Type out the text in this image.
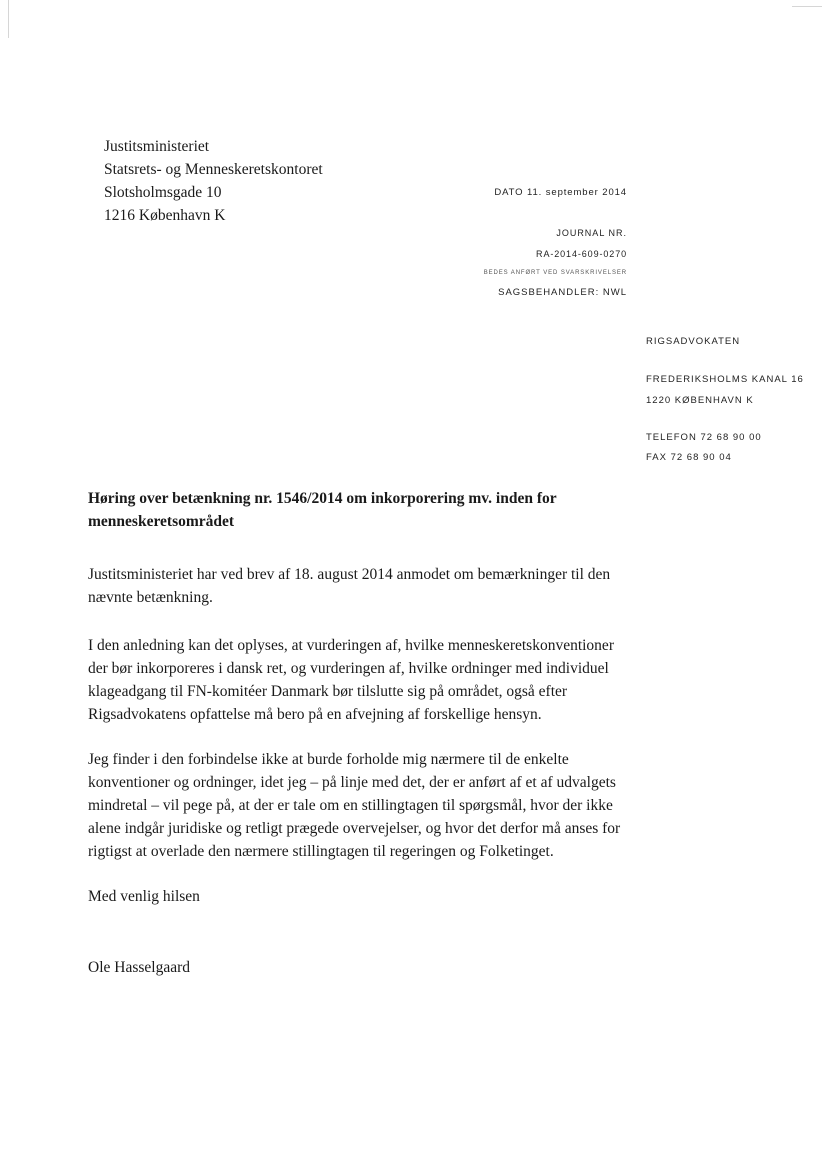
Justitsministeriet
Statsrets- og Menneskeretskontoret
Slotsholmsgade 10
1216 København K
DATO 11. september 2014
JOURNAL NR.
RA-2014-609-0270
BEDES ANFØRT VED SVARSKRIVELSER
SAGSBEHANDLER: NWL
RIGSADVOKATEN
FREDERIKSHOLMS KANAL 16
1220 KØBENHAVN K
TELEFON 72 68 90 00
FAX 72 68 90 04
Høring over betænkning nr. 1546/2014 om inkorporering mv. inden for menneskeretsområdet
Justitsministeriet har ved brev af 18. august 2014 anmodet om bemærkninger til den nævnte betænkning.
I den anledning kan det oplyses, at vurderingen af, hvilke menneskeretskonventioner der bør inkorporeres i dansk ret, og vurderingen af, hvilke ordninger med individuel klageadgang til FN-komitéer Danmark bør tilslutte sig på området, også efter Rigsadvokatens opfattelse må bero på en afvejning af forskellige hensyn.
Jeg finder i den forbindelse ikke at burde forholde mig nærmere til de enkelte konventioner og ordninger, idet jeg – på linje med det, der er anført af et af udvalgets mindretal – vil pege på, at der er tale om en stillingtagen til spørgsmål, hvor der ikke alene indgår juridiske og retligt prægede overvejelser, og hvor det derfor må anses for rigtigst at overlade den nærmere stillingtagen til regeringen og Folketinget.
Med venlig hilsen
Ole Hasselgaard
